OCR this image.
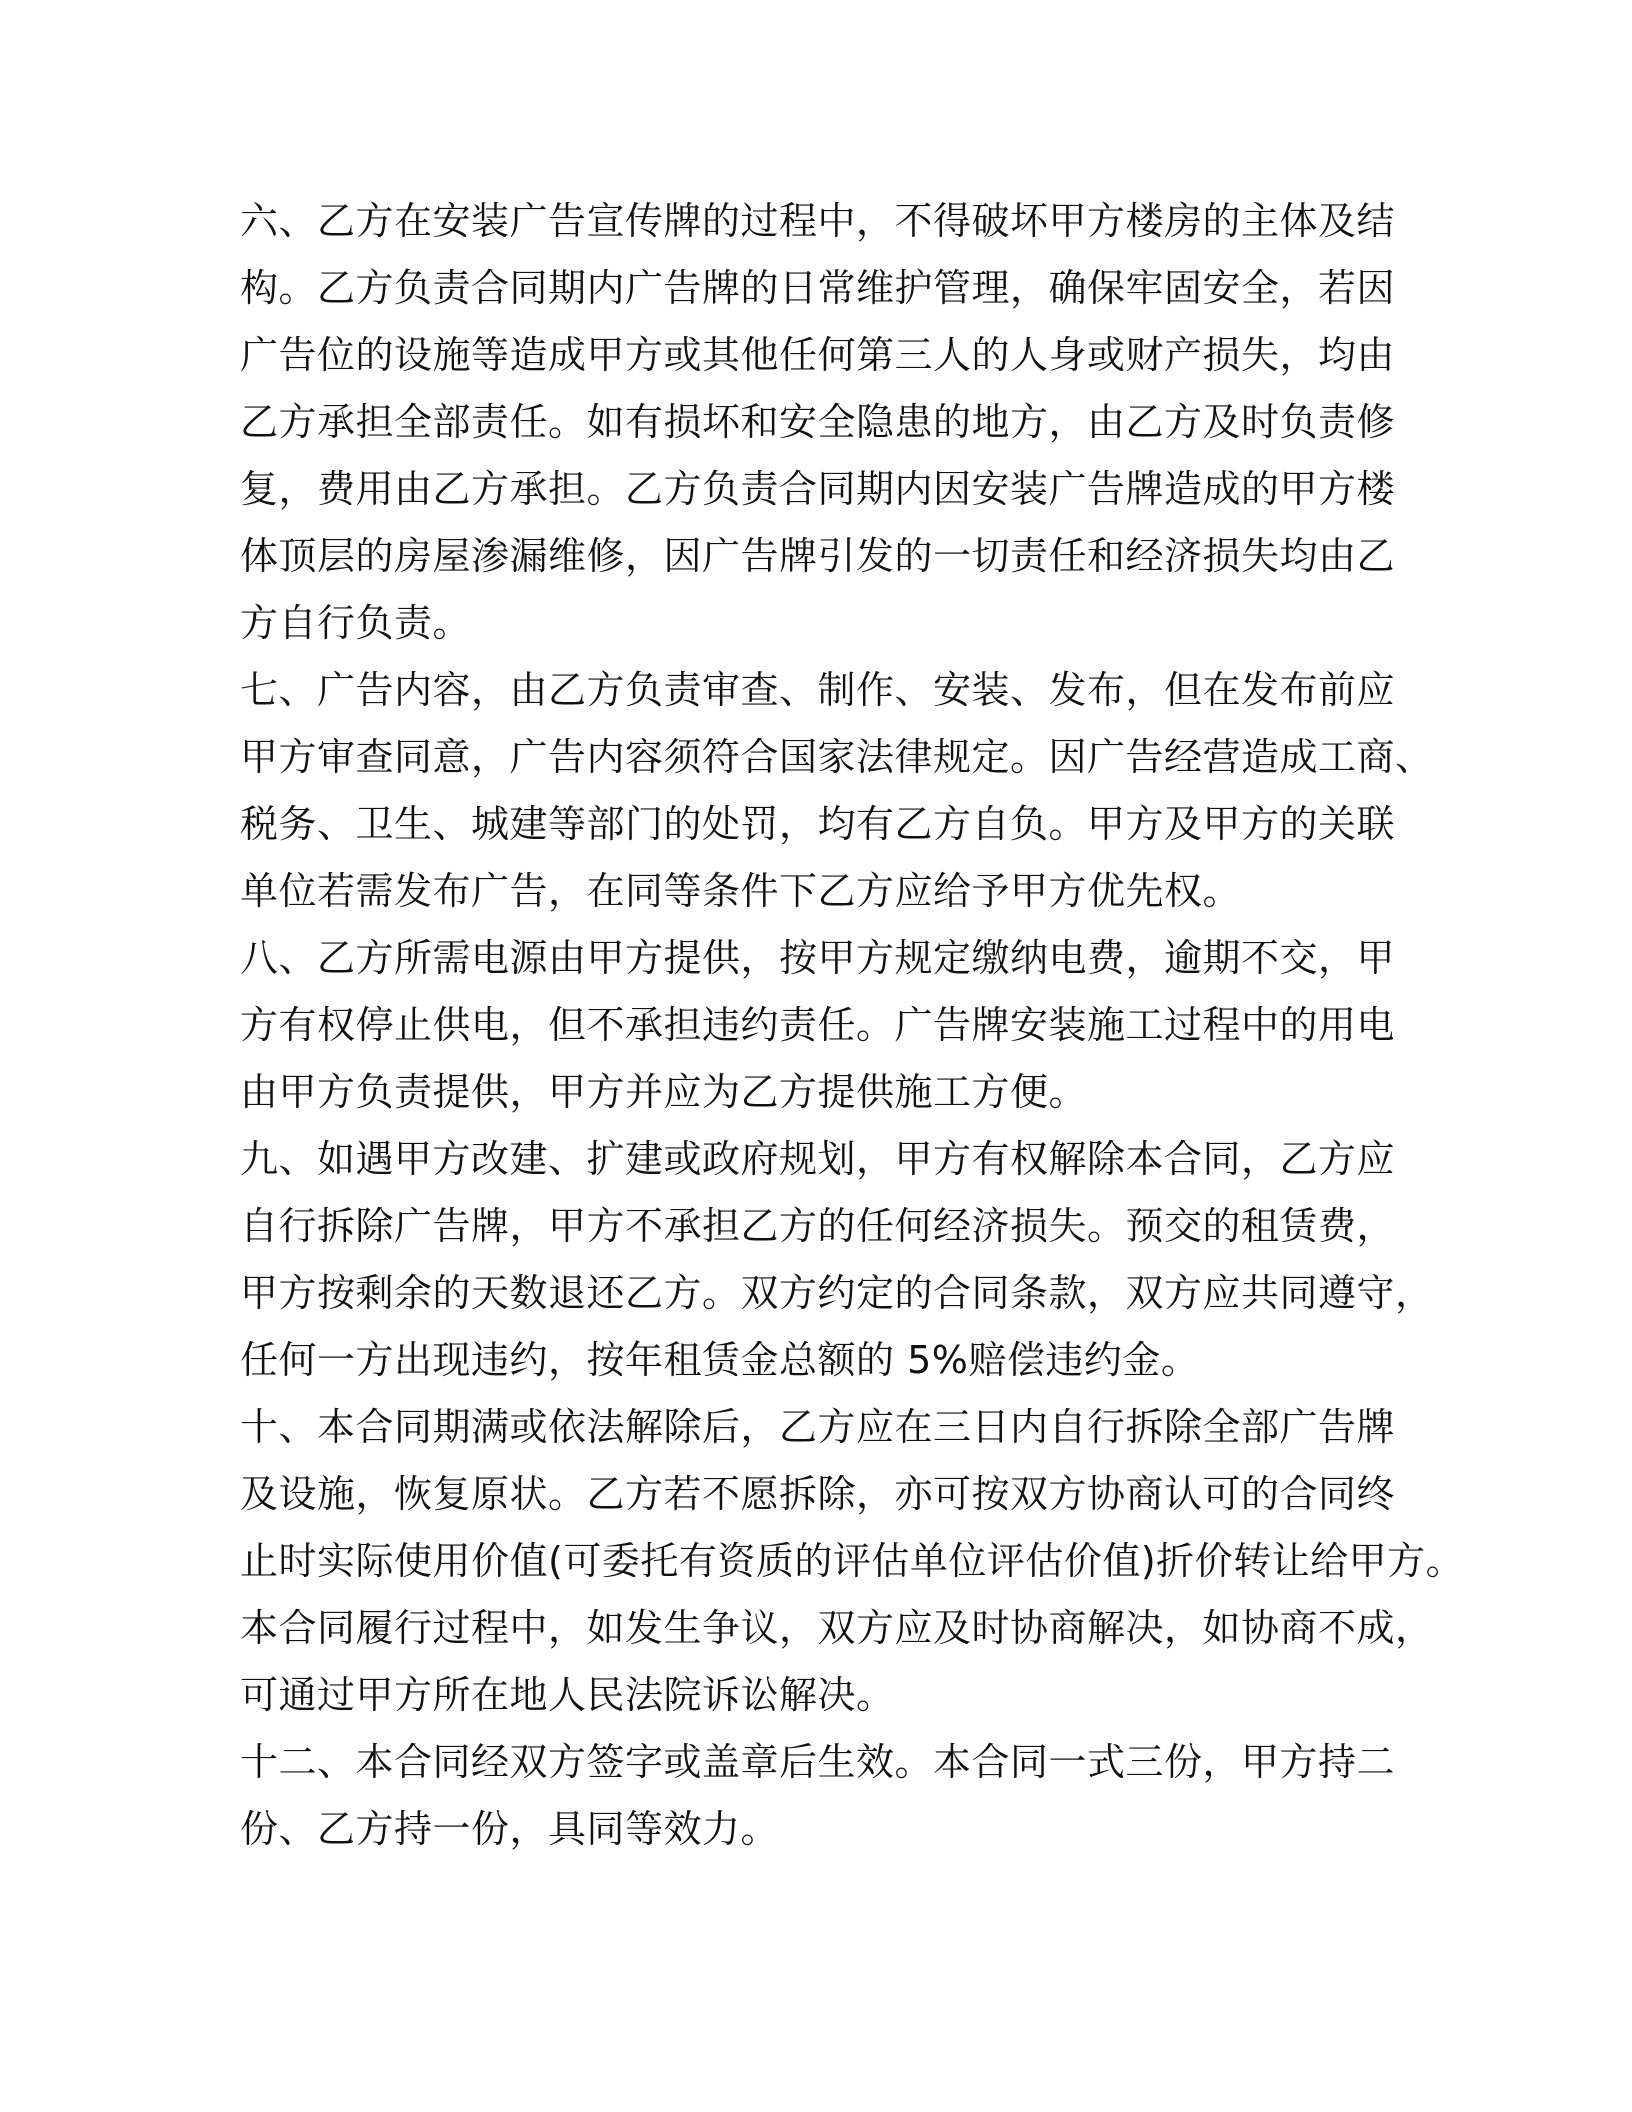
六、乙方在安装广告宣传牌的过程中，不得破坏甲方楼房的主体及结
构。乙方负责合同期内广告牌的日常维护管理，确保牢固安全，若因
广告位的设施等造成甲方或其他任何第三人的人身或财产损失，均由
乙方承担全部责任。如有损坏和安全隐患的地方，由乙方及时负责修
复，费用由乙方承担。乙方负责合同期内因安装广告牌造成的甲方楼
体顶层的房屋渗漏维修，因广告牌引发的一切责任和经济损失均由乙
方自行负责。
七、广告内容，由乙方负责审查、制作、安装、发布，但在发布前应
甲方审查同意，广告内容须符合国家法律规定。因广告经营造成工商、
税务、卫生、城建等部门的处罚，均有乙方自负。甲方及甲方的关联
单位若需发布广告，在同等条件下乙方应给予甲方优先权。
八、乙方所需电源由甲方提供，按甲方规定缴纳电费，逾期不交，甲
方有权停止供电，但不承担违约责任。广告牌安装施工过程中的用电
由甲方负责提供，甲方并应为乙方提供施工方便。
九、如遇甲方改建、扩建或政府规划，甲方有权解除本合同，乙方应
自行拆除广告牌，甲方不承担乙方的任何经济损失。预交的租赁费，
甲方按剩余的天数退还乙方。双方约定的合同条款，双方应共同遵守，
任何一方出现违约，按年租赁金总额的 5%赔偿违约金。
十、本合同期满或依法解除后，乙方应在三日内自行拆除全部广告牌
及设施，恢复原状。乙方若不愿拆除，亦可按双方协商认可的合同终
止时实际使用价值(可委托有资质的评估单位评估价值)折价转让给甲方。
本合同履行过程中，如发生争议，双方应及时协商解决，如协商不成，
可通过甲方所在地人民法院诉讼解决。
十二、本合同经双方签字或盖章后生效。本合同一式三份，甲方持二
份、乙方持一份，具同等效力。
